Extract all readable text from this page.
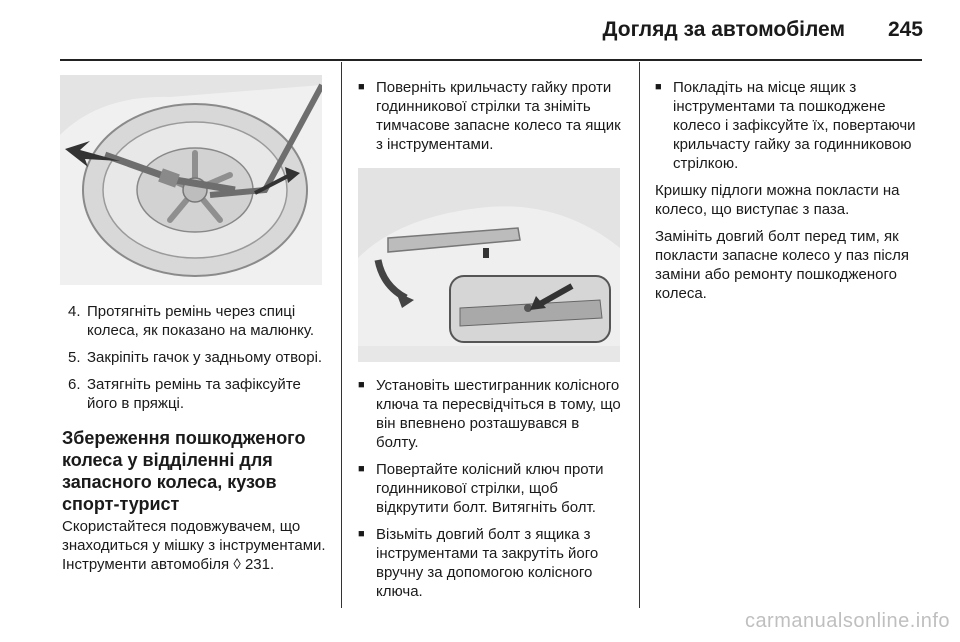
Догляд за автомобілем	245
4. Протягніть ремінь через спиці колеса, як показано на малюнку.
5. Закріпіть гачок у задньому отворі.
6. Затягніть ремінь та зафіксуйте його в пряжці.
Збереження пошкодженого колеса у відділенні для запасного колеса, кузов спорт-турист

Скористайтеся подовжувачем, що знаходиться у мішку з інструментами. Інструменти автомобіля ◊ 231.

■ Поверніть крильчасту гайку проти годинникової стрілки та зніміть тимчасове запасне колесо та ящик з інструментами.
■ Установіть шестигранник колісного ключа та пересвідчіться в тому, що він впевнено розташувався в болту.
■ Повертайте колісний ключ проти годинникової стрілки, щоб відкрутити болт. Витягніть болт.
■ Візьміть довгий болт з ящика з інструментами та закрутіть його вручну за допомогою колісного ключа.
■ Покладіть на місце ящик з інструментами та пошкоджене колесо і зафіксуйте їх, повертаючи крильчасту гайку за годинниковою стрілкою.

Кришку підлоги можна покласти на колесо, що виступає з паза.

Замініть довгий болт перед тим, як покласти запасне колесо у паз після заміни або ремонту пошкодженого колеса.

carmanualsonline.info
